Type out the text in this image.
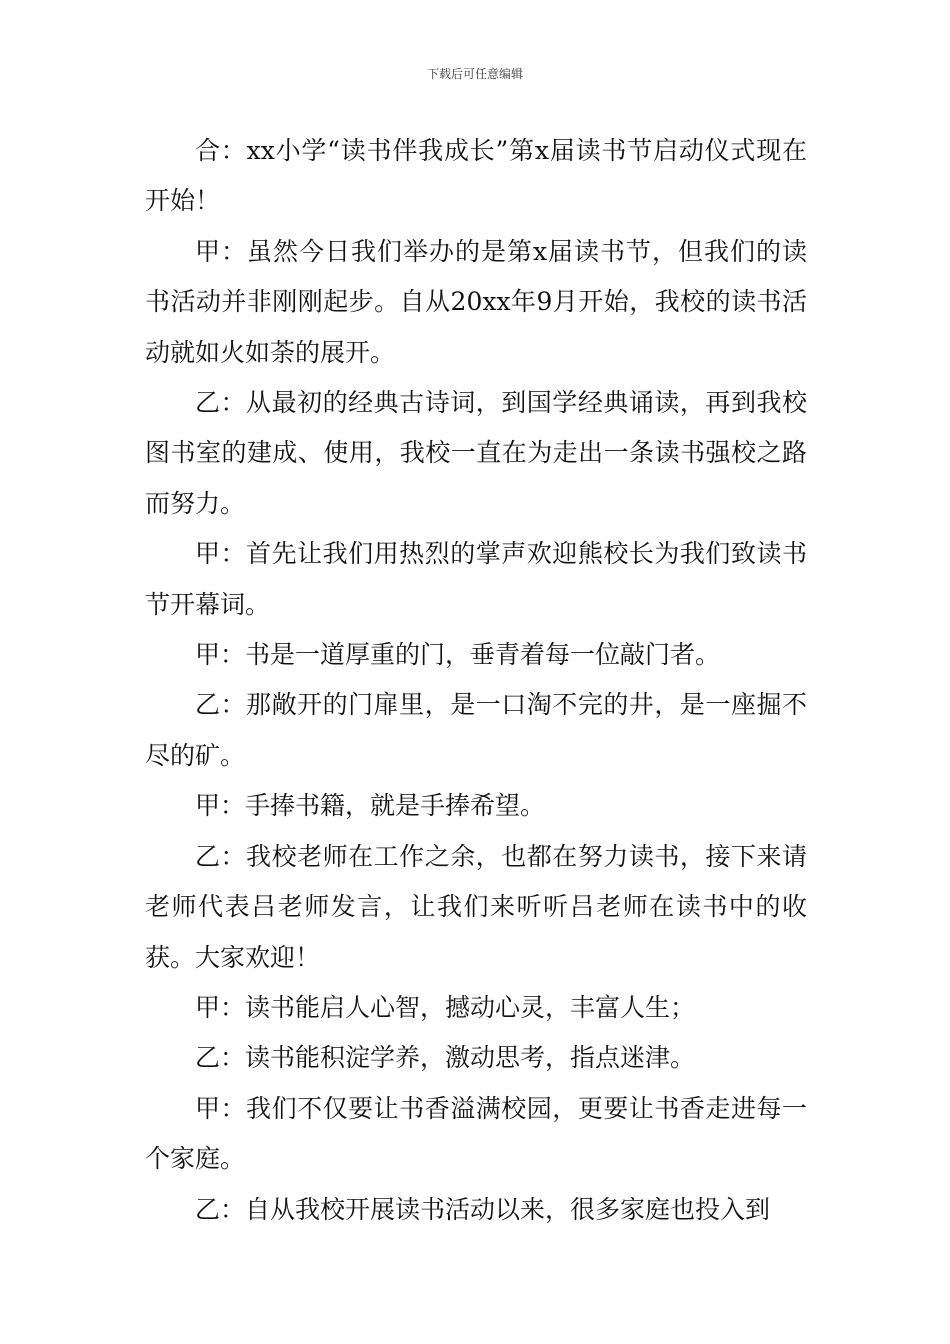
下载后可任意编辑

合：xx小学“读书伴我成长”第x届读书节启动仪式现在开始！

甲：虽然今日我们举办的是第x届读书节，但我们的读书活动并非刚刚起步。自从20xx年9月开始，我校的读书活动就如火如荼的展开。

乙：从最初的经典古诗词，到国学经典诵读，再到我校图书室的建成、使用，我校一直在为走出一条读书强校之路而努力。

甲：首先让我们用热烈的掌声欢迎熊校长为我们致读书节开幕词。

甲：书是一道厚重的门，垂青着每一位敲门者。

乙：那敞开的门扉里，是一口淘不完的井，是一座掘不尽的矿。

甲：手捧书籍，就是手捧希望。

乙：我校老师在工作之余，也都在努力读书，接下来请老师代表吕老师发言，让我们来听听吕老师在读书中的收获。大家欢迎！

甲：读书能启人心智，撼动心灵，丰富人生；

乙：读书能积淀学养，激动思考，指点迷津。

甲：我们不仅要让书香溢满校园，更要让书香走进每一个家庭。

乙：自从我校开展读书活动以来，很多家庭也投入到
